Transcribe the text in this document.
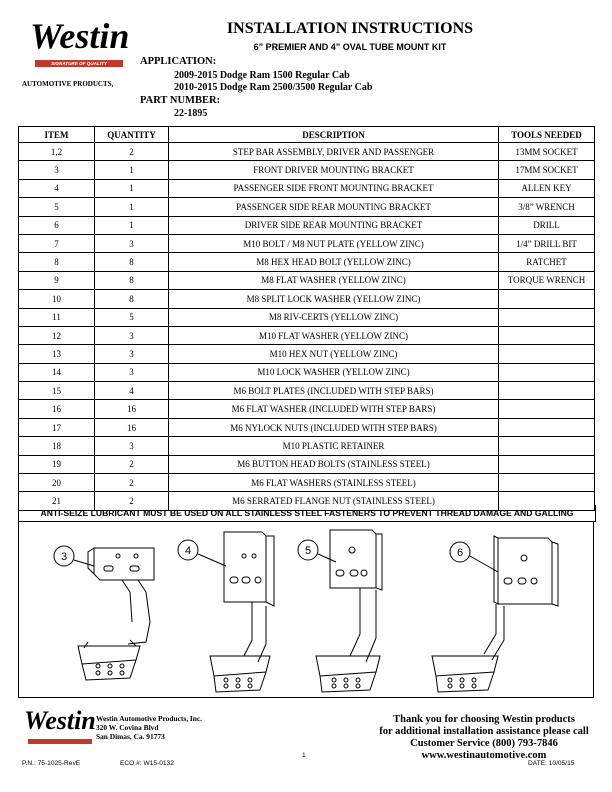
Westin
SIGNATURE OF QUALITY
AUTOMOTIVE PRODUCTS,
INSTALLATION INSTRUCTIONS
6” PREMIER AND 4” OVAL TUBE MOUNT KIT
APPLICATION:
2009-2015 Dodge Ram 1500 Regular Cab
2010-2015 Dodge Ram 2500/3500 Regular Cab
PART NUMBER:
22-1895
ITEM	QUANTITY	DESCRIPTION	TOOLS NEEDED
1,2	2	STEP BAR ASSEMBLY, DRIVER AND PASSENGER	13MM SOCKET
3	1	FRONT DRIVER MOUNTING BRACKET	17MM SOCKET
4	1	PASSENGER SIDE FRONT MOUNTING BRACKET	ALLEN KEY
5	1	PASSENGER SIDE REAR MOUNTING BRACKET	3/8” WRENCH
6	1	DRIVER SIDE REAR MOUNTING BRACKET	DRILL
7	3	M10 BOLT / M8 NUT PLATE (YELLOW ZINC)	1/4” DRILL BIT
8	8	M8 HEX HEAD BOLT (YELLOW ZINC)	RATCHET
9	8	M8 FLAT WASHER (YELLOW ZINC)	TORQUE WRENCH
10	8	M8 SPLIT LOCK WASHER (YELLOW ZINC)	
11	5	M8 RIV-CERTS (YELLOW ZINC)	
12	3	M10 FLAT WASHER (YELLOW ZINC)	
13	3	M10 HEX NUT (YELLOW ZINC)	
14	3	M10 LOCK WASHER (YELLOW ZINC)	
15	4	M6 BOLT PLATES (INCLUDED WITH STEP BARS)	
16	16	M6 FLAT WASHER (INCLUDED WITH STEP BARS)	
17	16	M6 NYLOCK NUTS (INCLUDED WITH STEP BARS)	
18	3	M10 PLASTIC RETAINER	
19	2	M6 BUTTON HEAD BOLTS (STAINLESS STEEL)	
20	2	M6 FLAT WASHERS (STAINLESS STEEL)	
21	2	M6 SERRATED FLANGE NUT (STAINLESS STEEL)	
ANTI-SEIZE LUBRICANT MUST BE USED ON ALL STAINLESS STEEL FASTENERS TO PREVENT THREAD DAMAGE AND GALLING
3	4	5	6
Westin Westin Automotive Products, Inc.
320 W. Covina Blvd
San Dimas, Ca. 91773
Thank you for choosing Westin products
for additional installation assistance please call
Customer Service (800) 793-7846
www.westinautomotive.com
P.N.: 75-1025-RevE	ECO #: W15-0132
1
DATE: 10/05/15
